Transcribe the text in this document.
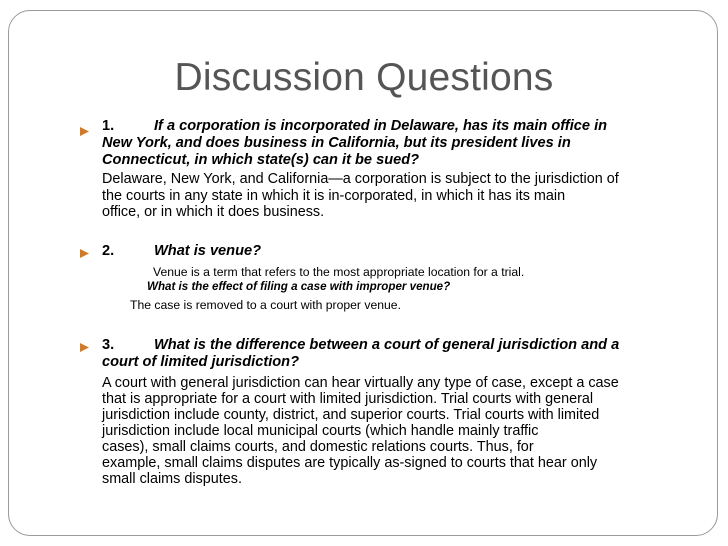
Discussion Questions
1.	If a corporation is incorporated in Delaware, has its main office in
New York, and does business in California, but its president lives in
Connecticut, in which state(s) can it be sued?
Delaware, New York, and California—a corporation is subject to the jurisdiction of
the courts in any state in which it is in-corporated, in which it has its main
office, or in which it does business.
2.	What is venue?
Venue is a term that refers to the most appropriate location for a trial.
What is the effect of filing a case with improper venue?
The case is removed to a court with proper venue.
3.	What is the difference between a court of general jurisdiction and a
court of limited jurisdiction?
A court with general jurisdiction can hear virtually any type of case, except a case
that is appropriate for a court with limited jurisdiction. Trial courts with general
jurisdiction include county, district, and superior courts. Trial courts with limited
jurisdiction include local municipal courts (which handle mainly traffic
cases), small claims courts, and domestic relations courts. Thus, for
example, small claims disputes are typically as-signed to courts that hear only
small claims disputes.
